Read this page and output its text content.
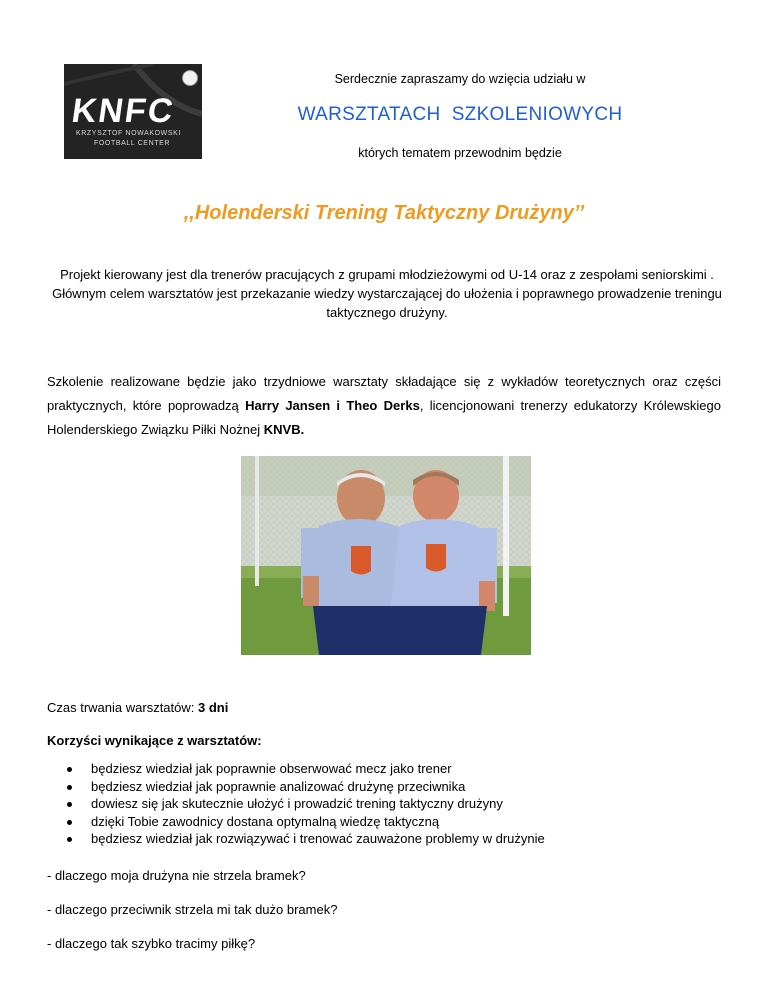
KNFC
KRZYSZTOF NOWAKOWSKI
FOOTBALL CENTER
Serdecznie zapraszamy do wzięcia udziału w
WARSZTATACH  SZKOLENIOWYCH
których tematem przewodnim będzie
,,Holenderski Trening Taktyczny Drużyny’’
Projekt kierowany jest dla trenerów pracujących z grupami młodzieżowymi od U-14 oraz z zespołami seniorskimi . Głównym celem warsztatów jest przekazanie wiedzy wystarczającej do ułożenia i poprawnego prowadzenie treningu taktycznego drużyny.
Szkolenie realizowane będzie jako trzydniowe warsztaty składające się z wykładów teoretycznych oraz części praktycznych, które poprowadzą Harry Jansen i Theo Derks, licencjonowani trenerzy edukatorzy Królewskiego Holenderskiego Związku Piłki Nożnej KNVB.
Czas trwania warsztatów: 3 dni
Korzyści wynikające z warsztatów:
będziesz wiedział jak poprawnie obserwować mecz jako trener
będziesz wiedział jak poprawnie analizować drużynę przeciwnika
dowiesz się jak skutecznie ułożyć i prowadzić trening taktyczny drużyny
dzięki Tobie zawodnicy dostana optymalną wiedzę taktyczną
będziesz wiedział jak rozwiązywać i trenować zauważone problemy w drużynie
- dlaczego moja drużyna nie strzela bramek?
- dlaczego przeciwnik strzela mi tak dużo bramek?
- dlaczego tak szybko tracimy piłkę?
